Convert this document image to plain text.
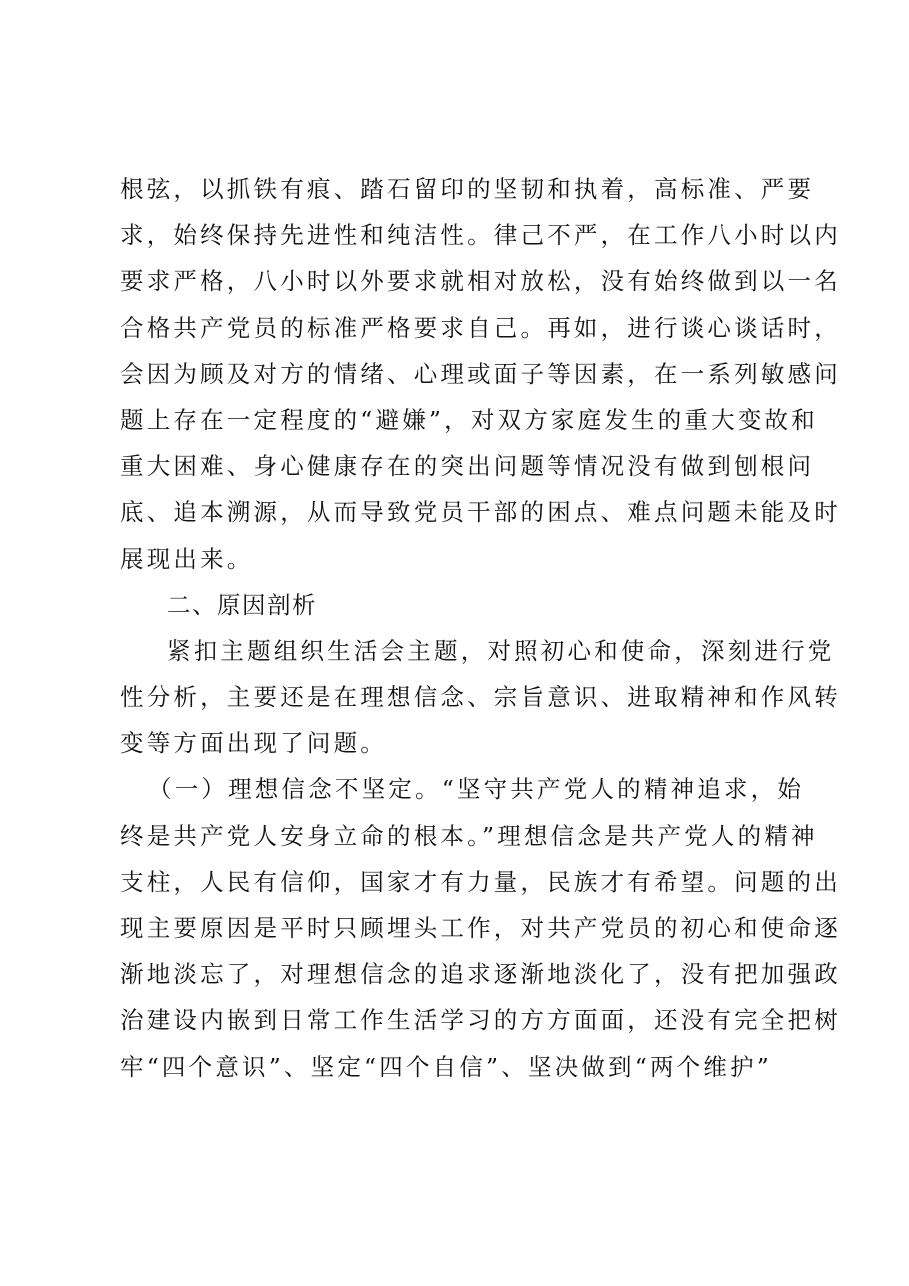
根弦，以抓铁有痕、踏石留印的坚韧和执着，高标准、严要
求，始终保持先进性和纯洁性。律己不严，在工作八小时以内
要求严格，八小时以外要求就相对放松，没有始终做到以一名
合格共产党员的标准严格要求自己。再如，进行谈心谈话时，
会因为顾及对方的情绪、心理或面子等因素，在一系列敏感问
题上存在一定程度的“避嫌”，对双方家庭发生的重大变故和
重大困难、身心健康存在的突出问题等情况没有做到刨根问
底、追本溯源，从而导致党员干部的困点、难点问题未能及时
展现出来。
二、原因剖析
紧扣主题组织生活会主题，对照初心和使命，深刻进行党
性分析，主要还是在理想信念、宗旨意识、进取精神和作风转
变等方面出现了问题。
（一）理想信念不坚定。“坚守共产党人的精神追求，始
终是共产党人安身立命的根本。”理想信念是共产党人的精神
支柱，人民有信仰，国家才有力量，民族才有希望。问题的出
现主要原因是平时只顾埋头工作，对共产党员的初心和使命逐
渐地淡忘了，对理想信念的追求逐渐地淡化了，没有把加强政
治建设内嵌到日常工作生活学习的方方面面，还没有完全把树
牢“四个意识”、坚定“四个自信”、坚决做到“两个维护”
